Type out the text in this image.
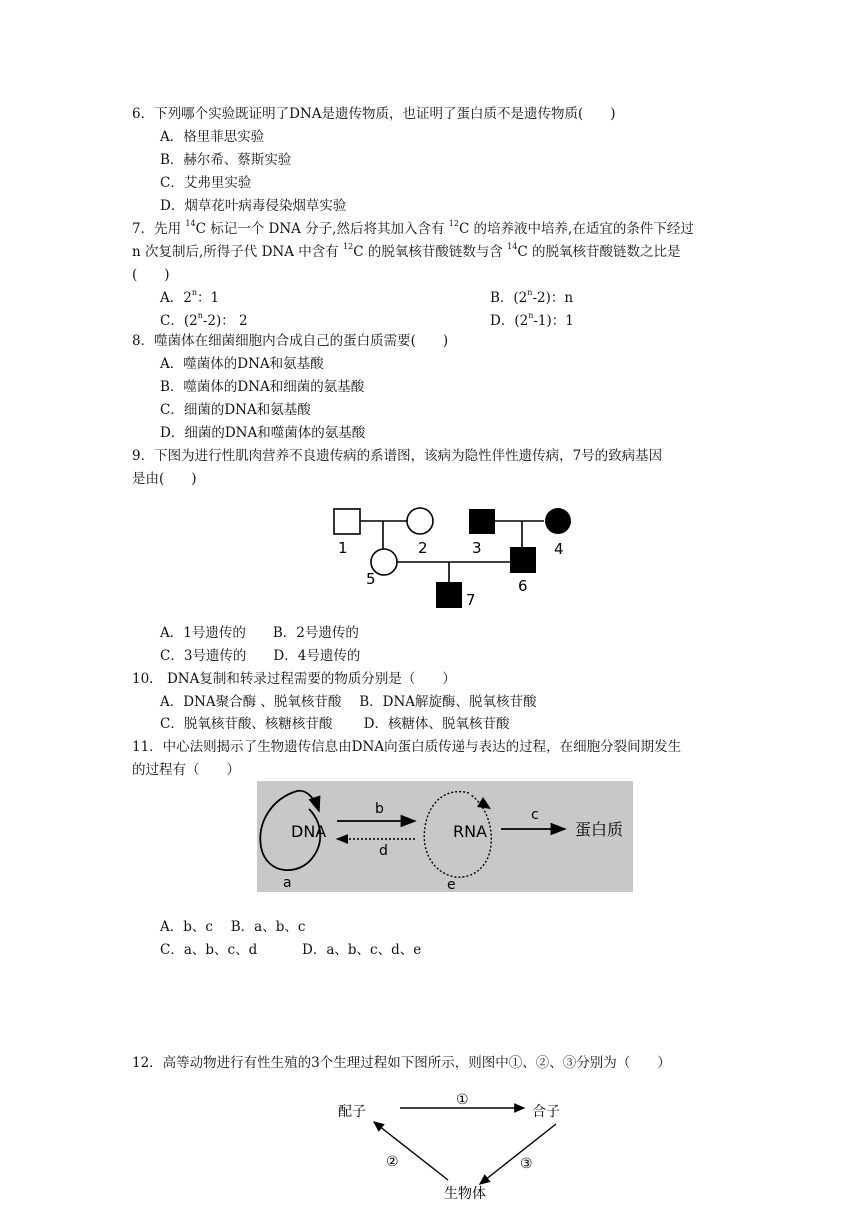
6．下列哪个实验既证明了DNA是遗传物质，也证明了蛋白质不是遗传物质(　　)
A．格里菲思实验
B．赫尔希、蔡斯实验
C．艾弗里实验
D．烟草花叶病毒侵染烟草实验
7．先用 $^{14}$C 标记一个 DNA 分子,然后将其加入含有 $^{12}$C 的培养液中培养,在适宜的条件下经过
n 次复制后,所得子代 DNA 中含有 $^{12}$C 的脱氧核苷酸链数与含 $^{14}$C 的脱氧核苷酸链数之比是
(　　)
A．2$^n$：1	B．(2$^n$-2)：n
C．(2$^n$-2)： 2	D．(2$^n$-1)：1
8．噬菌体在细菌细胞内合成自己的蛋白质需要(　　)
A．噬菌体的DNA和氨基酸
B．噬菌体的DNA和细菌的氨基酸
C．细菌的DNA和氨基酸
D．细菌的DNA和噬菌体的氨基酸
9．下图为进行性肌肉营养不良遗传病的系谱图，该病为隐性伴性遗传病，7号的致病基因
是由(　　)
1	2	3	4
5	6
7
A．1号遗传的　　B．2号遗传的
C．3号遗传的　　D．4号遗传的
10.　DNA复制和转录过程需要的物质分别是（　　）
A．DNA聚合酶 、脱氧核苷酸　 B．DNA解旋酶、脱氧核苷酸
C．脱氧核苷酸、核糖核苷酸　　 D．核糖体、脱氧核苷酸
11．中心法则揭示了生物遗传信息由DNA向蛋白质传递与表达的过程，在细胞分裂间期发生
的过程有（　　）
DNA	RNA	蛋白质
a
b	c
d
e
A．b、c　 B．a、b、c
C．a、b、c、d　　　 D．a、b、c、d、e
12．高等动物进行有性生殖的3个生理过程如下图所示，则图中①、②、③分别为（　　）
配子	合子
生物体
①
②	③
